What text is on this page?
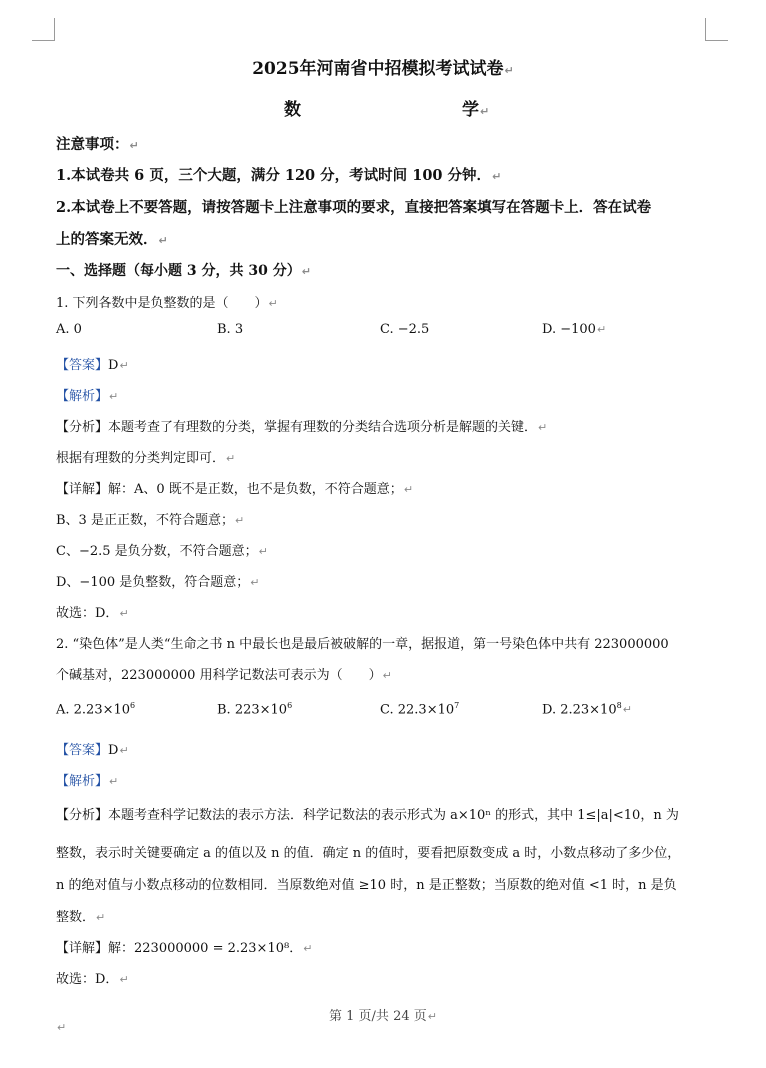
2025年河南省中招模拟考试试卷↵
数	学↵
注意事项：↵
1.本试卷共 6 页，三个大题，满分 120 分，考试时间 100 分钟．↵
2.本试卷上不要答题，请按答题卡上注意事项的要求，直接把答案填写在答题卡上．答在试卷
上的答案无效．↵
一、选择题（每小题 3 分，共 30 分）↵
1. 下列各数中是负整数的是（　　）↵
A. 0	B. 3	C. −2.5	D. −100↵
【答案】D↵
【解析】↵
【分析】本题考查了有理数的分类，掌握有理数的分类结合选项分析是解题的关键．↵
根据有理数的分类判定即可．↵
【详解】解：A、0 既不是正数，也不是负数，不符合题意；↵
B、3 是正正数，不符合题意；↵
C、−2.5 是负分数，不符合题意；↵
D、−100 是负整数，符合题意；↵
故选：D．↵
2. “染色体”是人类“生命之书 n 中最长也是最后被破解的一章，据报道，第一号染色体中共有 223000000
个碱基对，223000000 用科学记数法可表示为（　　）↵
A. $2.23\times 10^6$	B. $223\times 10^6$	C. $22.3\times 10^7$	D. $2.23\times 10^8↵$
【答案】D↵
【解析】↵
【分析】本题考查科学记数法的表示方法．科学记数法的表示形式为 a×10ⁿ 的形式，其中 1≤|a|<10，n 为
整数，表示时关键要确定 a 的值以及 n 的值．确定 n 的值时，要看把原数变成 a 时，小数点移动了多少位，
n 的绝对值与小数点移动的位数相同．当原数绝对值 ≥10 时，n 是正整数；当原数的绝对值 <1 时，n 是负
整数．↵
【详解】解：223000000 = 2.23×10⁸．↵
故选：D．↵
第 1 页/共 24 页↵
↵
